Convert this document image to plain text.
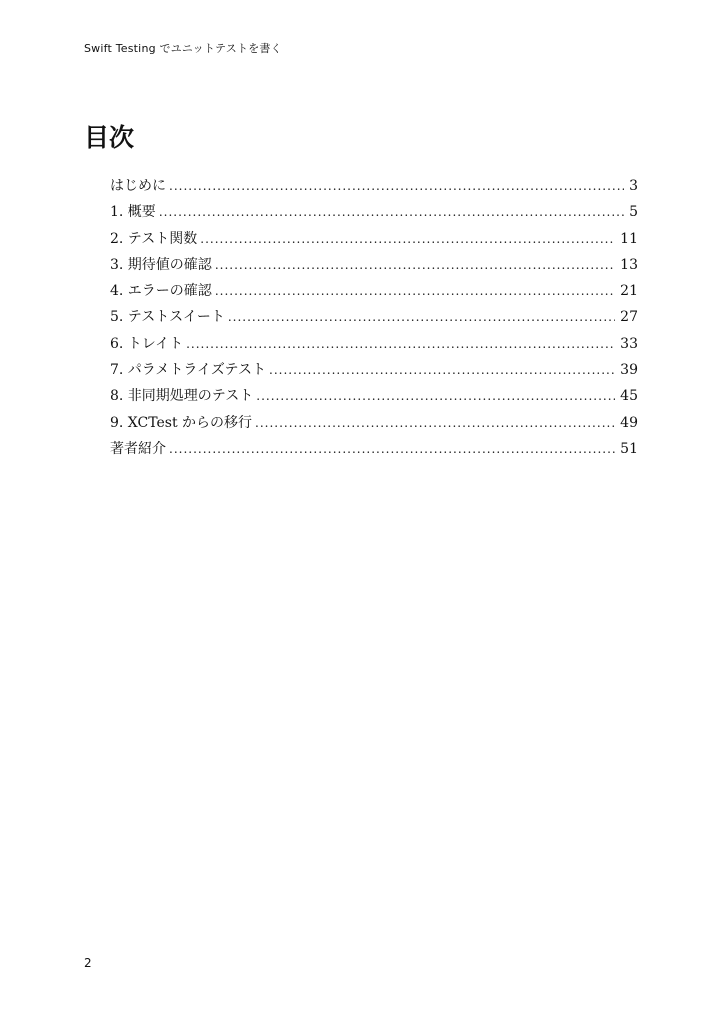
Swift Testing でユニットテストを書く
目次
はじめに .....	3
1. 概要 .....	5
2. テスト関数 .....	11
3. 期待値の確認 .....	13
4. エラーの確認 .....	21
5. テストスイート .....	27
6. トレイト .....	33
7. パラメトライズテスト .....	39
8. 非同期処理のテスト .....	45
9. XCTest からの移行 .....	49
著者紹介 .....	51
2
